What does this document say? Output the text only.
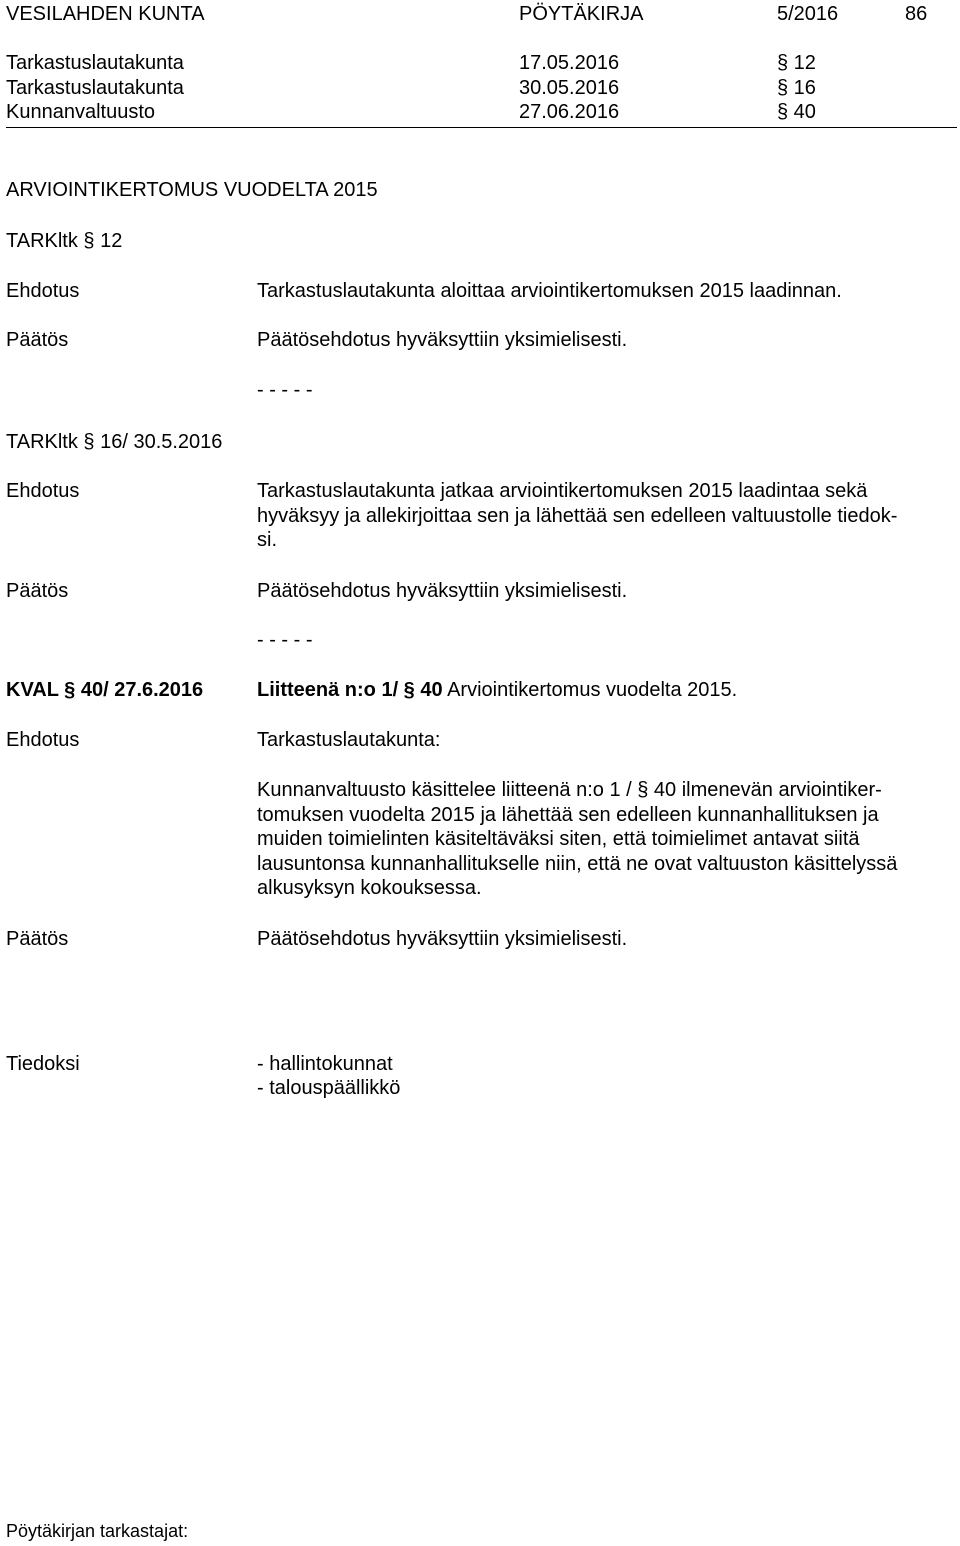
VESILAHDEN KUNTA	PÖYTÄKIRJA	5/2016	86
Tarkastuslautakunta	17.05.2016	§ 12
Tarkastuslautakunta	30.05.2016	§ 16
Kunnanvaltuusto	27.06.2016	§ 40
ARVIOINTIKERTOMUS VUODELTA 2015
TARKltk § 12
Ehdotus	Tarkastuslautakunta aloittaa arviointikertomuksen 2015 laadinnan.
Päätös	Päätösehdotus hyväksyttiin yksimielisesti.
- - - - -
TARKltk § 16/ 30.5.2016
Ehdotus	Tarkastuslautakunta jatkaa arviointikertomuksen 2015 laadintaa sekä
hyväksyy ja allekirjoittaa sen ja lähettää sen edelleen valtuustolle tiedok-
si.
Päätös	Päätösehdotus hyväksyttiin yksimielisesti.
- - - - -
KVAL § 40/ 27.6.2016	Liitteenä n:o 1/ § 40 Arviointikertomus vuodelta 2015.
Ehdotus	Tarkastuslautakunta:
Kunnanvaltuusto käsittelee liitteenä n:o 1 / § 40 ilmenevän arviointiker-
tomuksen vuodelta 2015 ja lähettää sen edelleen kunnanhallituksen ja
muiden toimielinten käsiteltäväksi siten, että toimielimet antavat siitä
lausuntonsa kunnanhallitukselle niin, että ne ovat valtuuston käsittelyssä
alkusyksyn kokouksessa.
Päätös	Päätösehdotus hyväksyttiin yksimielisesti.
Tiedoksi	- hallintokunnat
- talouspäällikkö
Pöytäkirjan tarkastajat:
